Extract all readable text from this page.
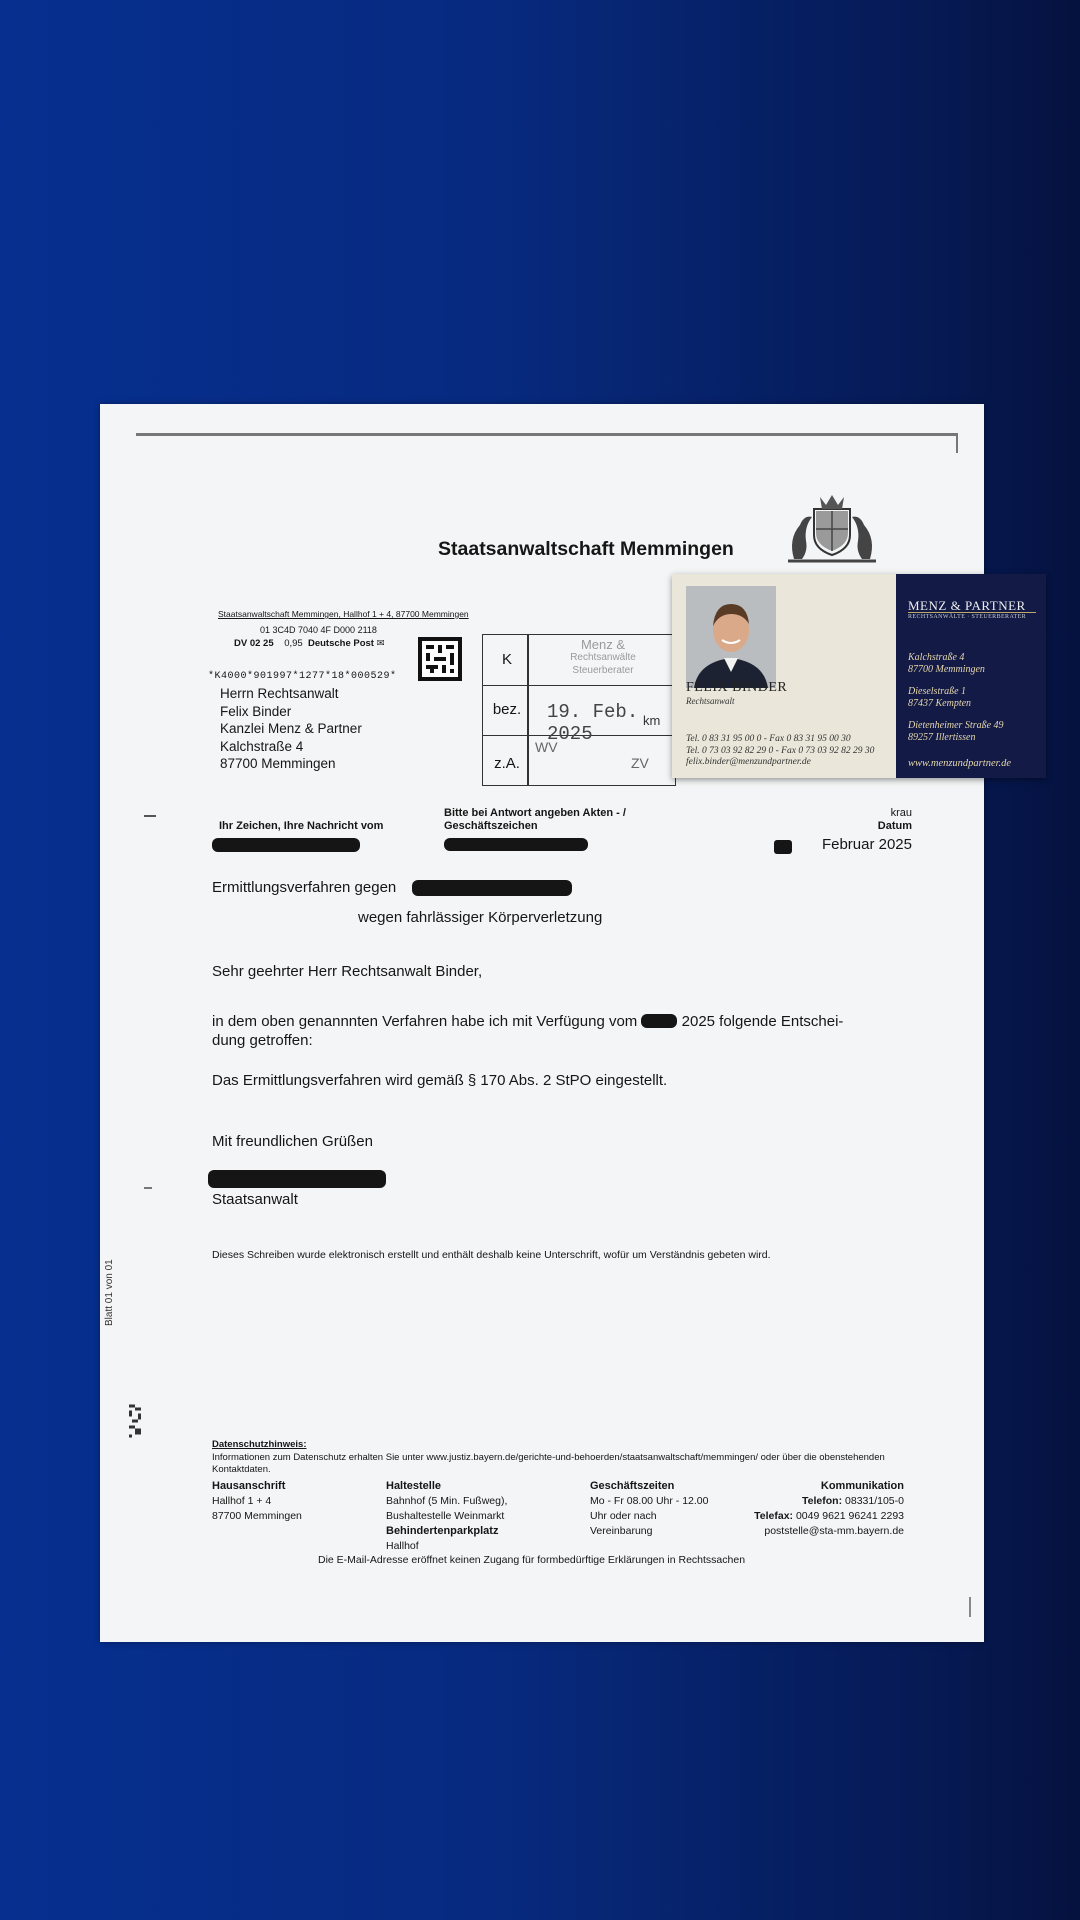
Staatsanwaltschaft Memmingen
Staatsanwaltschaft Memmingen, Hallhof 1 + 4, 87700 Memmingen
01 3C4D 7040 4F D000 2118
DV 02 25 0,95 Deutsche Post ✉
*K4000*901997*1277*18*000529*
Herrn Rechtsanwalt
Felix Binder
Kanzlei Menz & Partner
Kalchstraße 4
87700 Memmingen
K
Menz &
Rechtsanwälte
Steuerberater
bez.	19. Feb. 2025
km
z.A.
WV
ZV
Ihr Zeichen, Ihre Nachricht vom
Bitte bei Antwort angeben Akten - / Geschäftszeichen
krau
Datum
Februar 2025
Ermittlungsverfahren gegen
wegen fahrlässiger Körperverletzung
Sehr geehrter Herr Rechtsanwalt Binder,
in dem oben genannnten Verfahren habe ich mit Verfügung vom	2025 folgende Entschei-
dung getroffen:
Das Ermittlungsverfahren wird gemäß § 170 Abs. 2 StPO eingestellt.
Mit freundlichen Grüßen
Staatsanwalt
Dieses Schreiben wurde elektronisch erstellt und enthält deshalb keine Unterschrift, wofür um Verständnis gebeten wird.
Blatt 01 von 01
Datenschutzhinweis:
Informationen zum Datenschutz erhalten Sie unter www.justiz.bayern.de/gerichte-und-behoerden/staatsanwaltschaft/memmingen/ oder über die obenstehenden Kontaktdaten.
Hausanschrift
Hallhof 1 + 4
87700 Memmingen
Haltestelle
Bahnhof (5 Min. Fußweg),
Bushaltestelle Weinmarkt
Behindertenparkplatz
Hallhof
Geschäftszeiten
Mo - Fr 08.00 Uhr - 12.00
Uhr oder nach
Vereinbarung
Kommunikation
Telefon: 08331/105-0
Telefax: 0049 9621 96241 2293
poststelle@sta-mm.bayern.de
Die E-Mail-Adresse eröffnet keinen Zugang für formbedürftige Erklärungen in Rechtssachen
FELIX BINDER
Rechtsanwalt
Tel. 0 83 31 95 00 0 - Fax 0 83 31 95 00 30
Tel. 0 73 03 92 82 29 0 - Fax 0 73 03 92 82 29 30
felix.binder@menzundpartner.de
MENZ & PARTNER
RECHTSANWÄLTE · STEUERBERATER
Kalchstraße 4
87700 Memmingen
Dieselstraße 1
87437 Kempten
Dietenheimer Straße 49
89257 Illertissen
www.menzundpartner.de
